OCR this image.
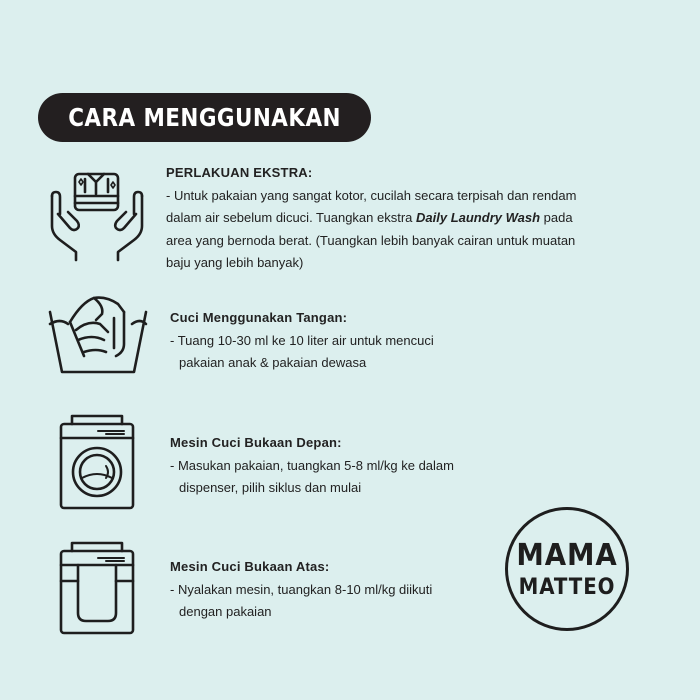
CARA MENGGUNAKAN
PERLAKUAN EKSTRA:
- Untuk pakaian yang sangat kotor, cucilah secara terpisah dan rendam
dalam air sebelum dicuci. Tuangkan ekstra Daily Laundry Wash pada
area yang bernoda berat. (Tuangkan lebih banyak cairan untuk muatan
baju yang lebih banyak)
Cuci Menggunakan Tangan:
- Tuang 10-30 ml ke 10 liter air untuk mencuci
pakaian anak & pakaian dewasa
Mesin Cuci Bukaan Depan:
- Masukan pakaian, tuangkan 5-8 ml/kg ke dalam
dispenser, pilih siklus dan mulai
Mesin Cuci Bukaan Atas:
- Nyalakan mesin, tuangkan 8-10 ml/kg diikuti
dengan pakaian
MAMA
MATTEO
